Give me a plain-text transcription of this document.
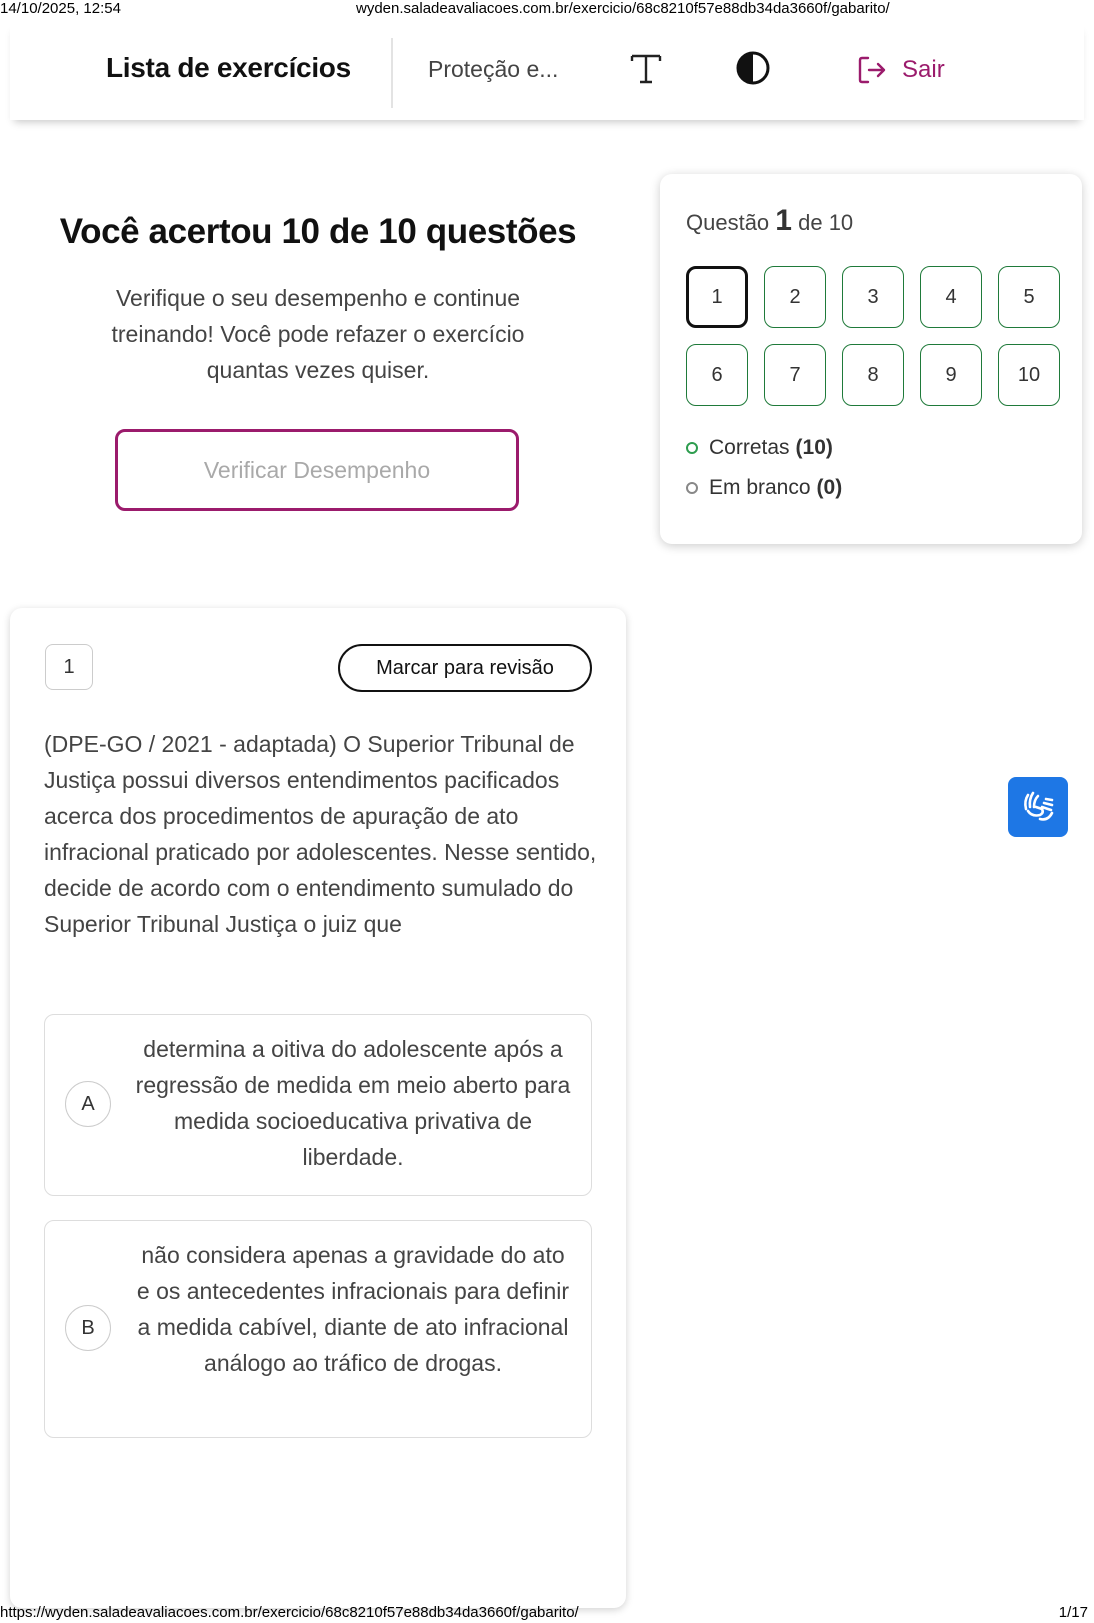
14/10/2025, 12:54	wyden.saladeavaliacoes.com.br/exercicio/68c8210f57e88db34da3660f/gabarito/
Lista de exercícios	Proteção e...	Sair
Você acertou 10 de 10 questões
Verifique o seu desempenho e continue treinando! Você pode refazer o exercício quantas vezes quiser.
Verificar Desempenho
Questão 1 de 10
1	2	3	4	5
6	7	8	9	10
Corretas (10)
Em branco (0)
1	Marcar para revisão
(DPE-GO / 2021 - adaptada) O Superior Tribunal de Justiça possui diversos entendimentos pacificados acerca dos procedimentos de apuração de ato infracional praticado por adolescentes. Nesse sentido, decide de acordo com o entendimento sumulado do Superior Tribunal Justiça o juiz que
A
determina a oitiva do adolescente após a regressão de medida em meio aberto para medida socioeducativa privativa de liberdade.
B
não considera apenas a gravidade do ato e os antecedentes infracionais para definir a medida cabível, diante de ato infracional análogo ao tráfico de drogas.
https://wyden.saladeavaliacoes.com.br/exercicio/68c8210f57e88db34da3660f/gabarito/	1/17
